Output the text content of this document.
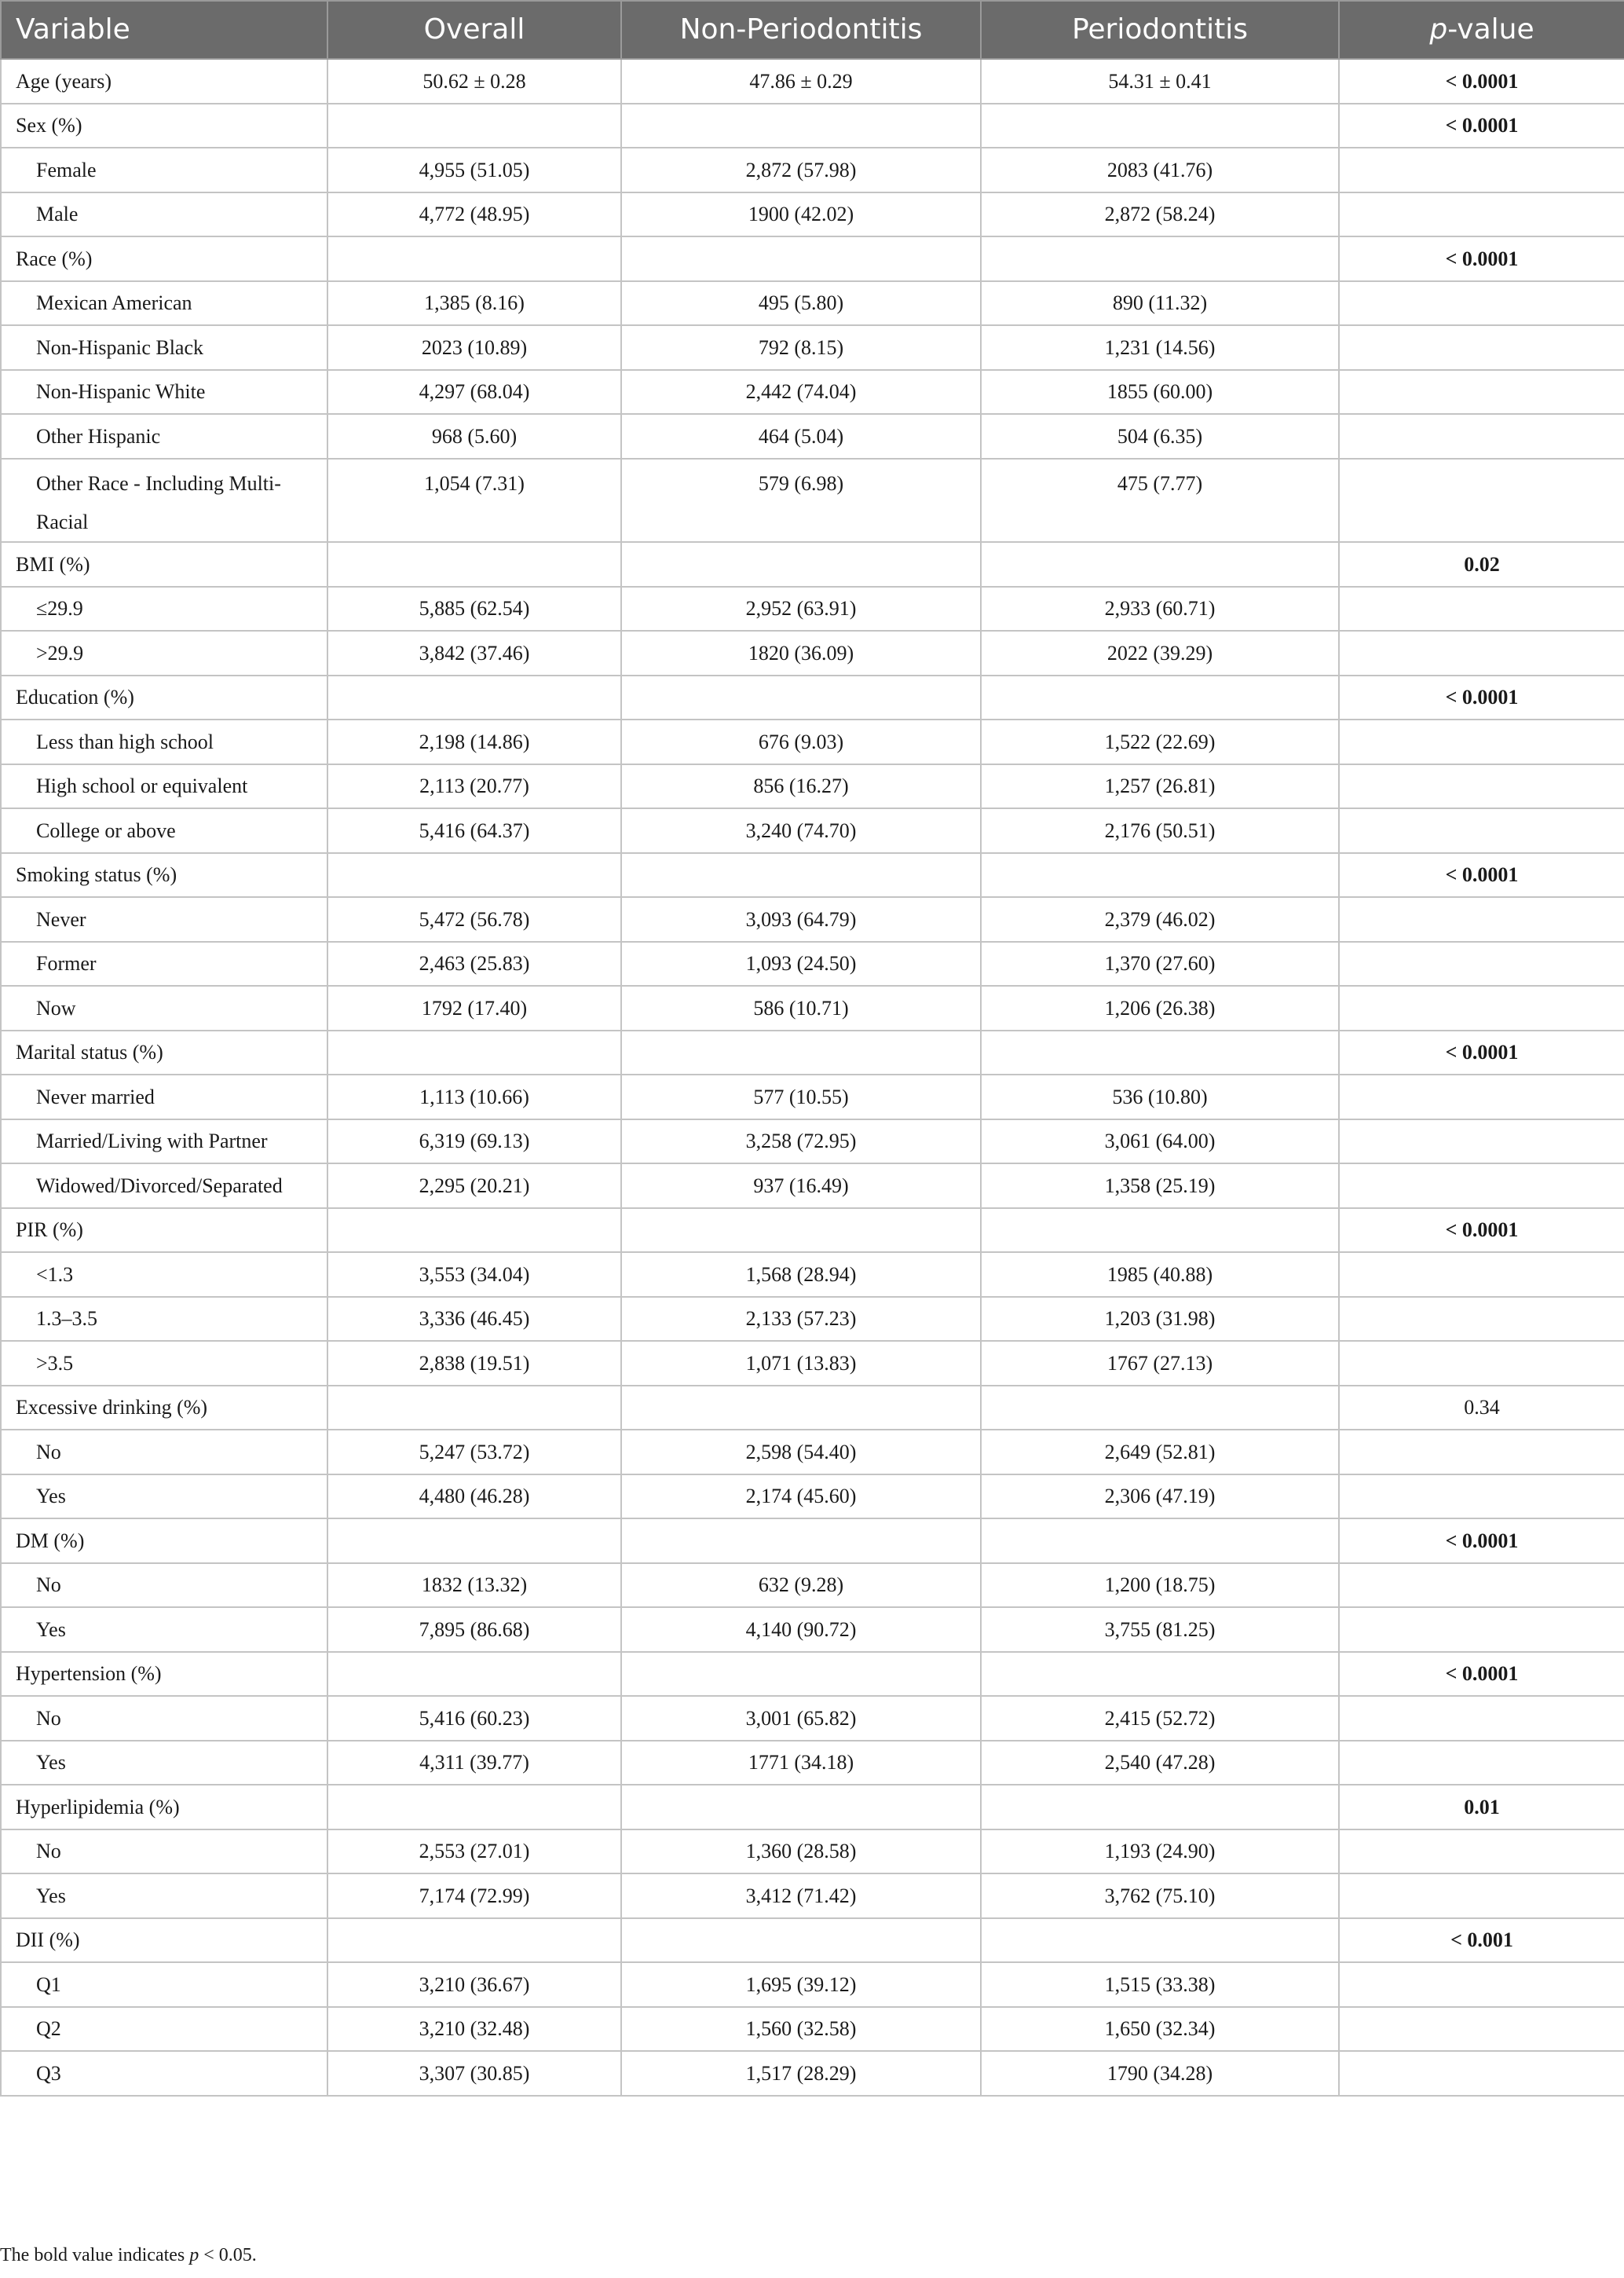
Variable	Overall	Non-Periodontitis	Periodontitis	p-value
Age (years)	50.62 ± 0.28	47.86 ± 0.29	54.31 ± 0.41	< 0.0001
Sex (%)				< 0.0001
Female	4,955 (51.05)	2,872 (57.98)	2083 (41.76)	
Male	4,772 (48.95)	1900 (42.02)	2,872 (58.24)	
Race (%)				< 0.0001
Mexican American	1,385 (8.16)	495 (5.80)	890 (11.32)	
Non-Hispanic Black	2023 (10.89)	792 (8.15)	1,231 (14.56)	
Non-Hispanic White	4,297 (68.04)	2,442 (74.04)	1855 (60.00)	
Other Hispanic	968 (5.60)	464 (5.04)	504 (6.35)	
Other Race - Including Multi-Racial	1,054 (7.31)	579 (6.98)	475 (7.77)	
BMI (%)				0.02
≤29.9	5,885 (62.54)	2,952 (63.91)	2,933 (60.71)	
>29.9	3,842 (37.46)	1820 (36.09)	2022 (39.29)	
Education (%)				< 0.0001
Less than high school	2,198 (14.86)	676 (9.03)	1,522 (22.69)	
High school or equivalent	2,113 (20.77)	856 (16.27)	1,257 (26.81)	
College or above	5,416 (64.37)	3,240 (74.70)	2,176 (50.51)	
Smoking status (%)				< 0.0001
Never	5,472 (56.78)	3,093 (64.79)	2,379 (46.02)	
Former	2,463 (25.83)	1,093 (24.50)	1,370 (27.60)	
Now	1792 (17.40)	586 (10.71)	1,206 (26.38)	
Marital status (%)				< 0.0001
Never married	1,113 (10.66)	577 (10.55)	536 (10.80)	
Married/Living with Partner	6,319 (69.13)	3,258 (72.95)	3,061 (64.00)	
Widowed/Divorced/Separated	2,295 (20.21)	937 (16.49)	1,358 (25.19)	
PIR (%)				< 0.0001
<1.3	3,553 (34.04)	1,568 (28.94)	1985 (40.88)	
1.3–3.5	3,336 (46.45)	2,133 (57.23)	1,203 (31.98)	
>3.5	2,838 (19.51)	1,071 (13.83)	1767 (27.13)	
Excessive drinking (%)				0.34
No	5,247 (53.72)	2,598 (54.40)	2,649 (52.81)	
Yes	4,480 (46.28)	2,174 (45.60)	2,306 (47.19)	
DM (%)				< 0.0001
No	1832 (13.32)	632 (9.28)	1,200 (18.75)	
Yes	7,895 (86.68)	4,140 (90.72)	3,755 (81.25)	
Hypertension (%)				< 0.0001
No	5,416 (60.23)	3,001 (65.82)	2,415 (52.72)	
Yes	4,311 (39.77)	1771 (34.18)	2,540 (47.28)	
Hyperlipidemia (%)				0.01
No	2,553 (27.01)	1,360 (28.58)	1,193 (24.90)	
Yes	7,174 (72.99)	3,412 (71.42)	3,762 (75.10)	
DII (%)				< 0.001
Q1	3,210 (36.67)	1,695 (39.12)	1,515 (33.38)	
Q2	3,210 (32.48)	1,560 (32.58)	1,650 (32.34)	
Q3	3,307 (30.85)	1,517 (28.29)	1790 (34.28)	
The bold value indicates p < 0.05.
